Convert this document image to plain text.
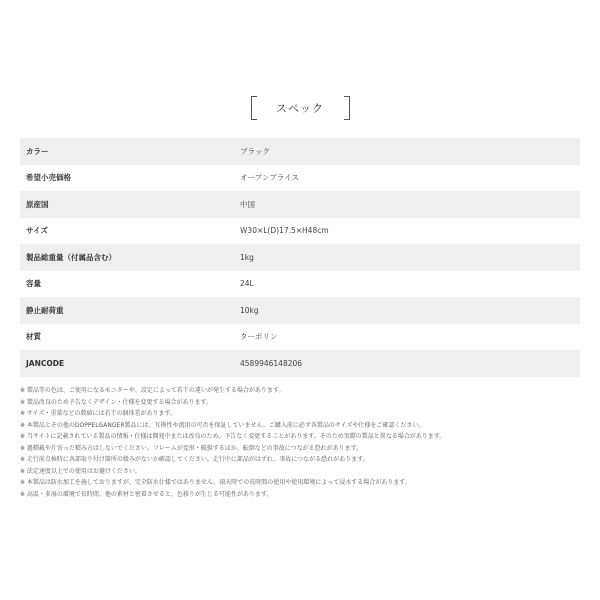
スペック
カラー	ブラック
希望小売価格	オープンプライス
原産国	中国
サイズ	W30×L(D)17.5×H48cm
製品総重量（付属品含む）	1kg
容量	24L
静止耐荷重	10kg
材質	ターポリン
JANCODE	4589946148206
※ 製品等の色は、ご使用になるモニターや、設定によって若干の違いが発生する場合があります。
※ 製品改良のため予告なくデザイン・仕様を変更する場合があります。
※ サイズ・重量などの数値には若干の個体差があります。
※ 本製品とその他のDOPPELGANGER製品には、互換性や流用の可否を保証していません。ご購入前に必ず各製品のサイズや仕様をご確認ください。
※ 当サイトに記載されている製品の情報・仕様は開発中または改良のため、予告なく変更することがあります。そのため実際の製品と異なる場合があります。
※ 過積載や片寄った積み方はしないでください。フレームが変形・破損するほか、転倒などの事故につながる恐れがあります。
※ 走行前点検時に各部取り付け箇所の緩みがないか確認してください。走行中に部品がはずれ、事故につながる恐れがあります。
※ 法定速度以上での使用はお避けください。
※ 本製品は防水加工を施しておりますが、完全防水仕様ではありません。雨天時での長時間の使用や使用環境によって浸水する場合があります。
※ 高温・多湿の環境で長時間、他の素材と密着させると、色移りが生じる可能性があります。
